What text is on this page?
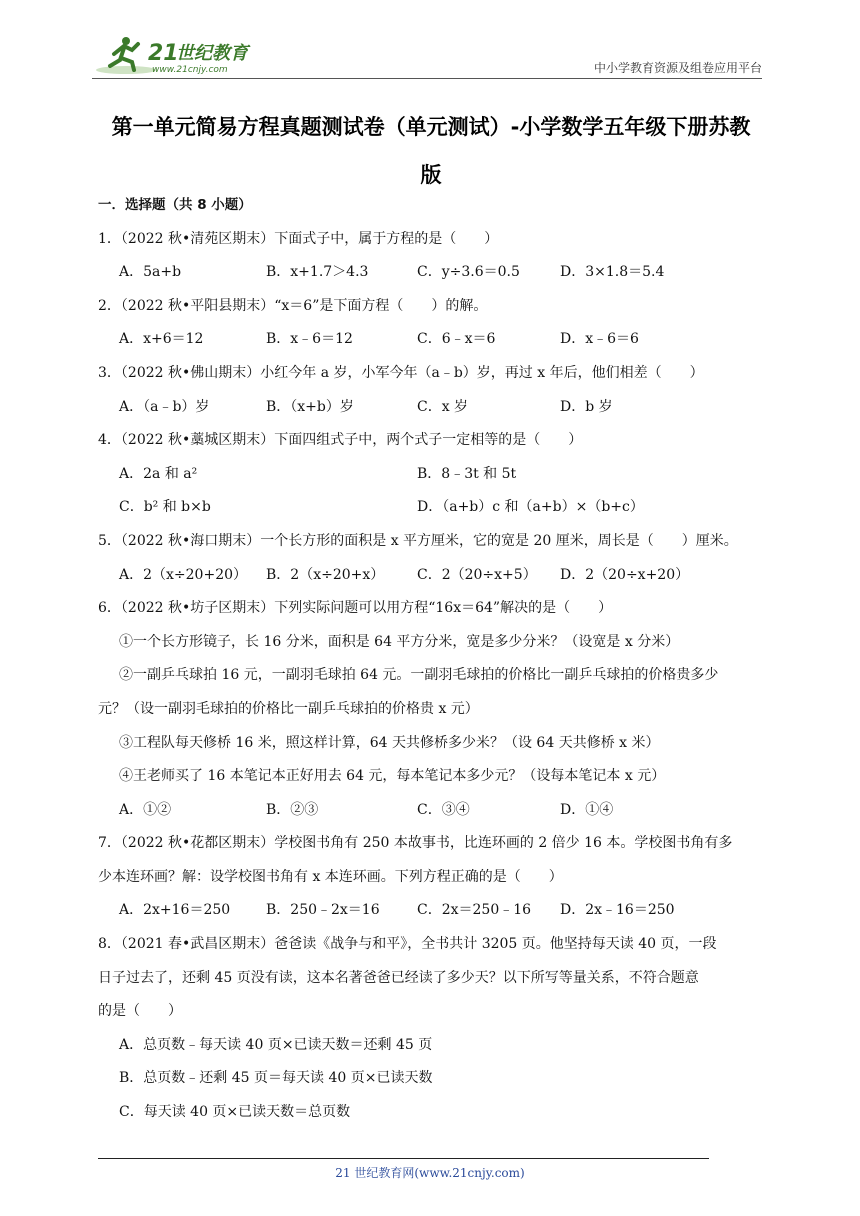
21
世纪教育
www.21cnjy.com	中小学教育资源及组卷应用平台
第一单元简易方程真题测试卷（单元测试）-小学数学五年级下册苏教
版
一．选择题（共 8 小题）
1．（2022 秋•清苑区期末）下面式子中，属于方程的是（　　）
A．5a+b	B．x+1.7＞4.3	C．y÷3.6＝0.5	D．3×1.8＝5.4
2．（2022 秋•平阳县期末）“x＝6”是下面方程（　　）的解。
A．x+6＝12	B．x﹣6＝12	C．6﹣x＝6	D．x﹣6＝6
3．（2022 秋•佛山期末）小红今年 a 岁，小军今年（a﹣b）岁，再过 x 年后，他们相差（　　）
A．（a﹣b）岁	B．（x+b）岁	C．x 岁	D．b 岁
4．（2022 秋•藁城区期末）下面四组式子中，两个式子一定相等的是（　　）
A．2a 和 a²	B．8﹣3t 和 5t
C．b² 和 b×b	D．（a+b）c 和（a+b）×（b+c）
5．（2022 秋•海口期末）一个长方形的面积是 x 平方厘米，它的宽是 20 厘米，周长是（　　）厘米。
A．2（x÷20+20） B．2（x÷20+x） C．2（20÷x+5） D．2（20÷x+20）
6．（2022 秋•坊子区期末）下列实际问题可以用方程“16x＝64”解决的是（　　）
①一个长方形镜子，长 16 分米，面积是 64 平方分米，宽是多少分米？（设宽是 x 分米）
②一副乒乓球拍 16 元，一副羽毛球拍 64 元。一副羽毛球拍的价格比一副乒乓球拍的价格贵多少
元？（设一副羽毛球拍的价格比一副乒乓球拍的价格贵 x 元）
③工程队每天修桥 16 米，照这样计算，64 天共修桥多少米？（设 64 天共修桥 x 米）
④王老师买了 16 本笔记本正好用去 64 元，每本笔记本多少元？（设每本笔记本 x 元）
A．①②	B．②③	C．③④	D．①④
7．（2022 秋•花都区期末）学校图书角有 250 本故事书，比连环画的 2 倍少 16 本。学校图书角有多
少本连环画？解：设学校图书角有 x 本连环画。下列方程正确的是（　　）
A．2x+16＝250	B．250﹣2x＝16	C．2x＝250﹣16 D．2x﹣16＝250
8．（2021 春•武昌区期末）爸爸读《战争与和平》，全书共计 3205 页。他坚持每天读 40 页，一段
日子过去了，还剩 45 页没有读，这本名著爸爸已经读了多少天？以下所写等量关系，不符合题意
的是（　　）
A．总页数﹣每天读 40 页×已读天数＝还剩 45 页
B．总页数﹣还剩 45 页＝每天读 40 页×已读天数
C．每天读 40 页×已读天数＝总页数
21 世纪教育网(www.21cnjy.com)
